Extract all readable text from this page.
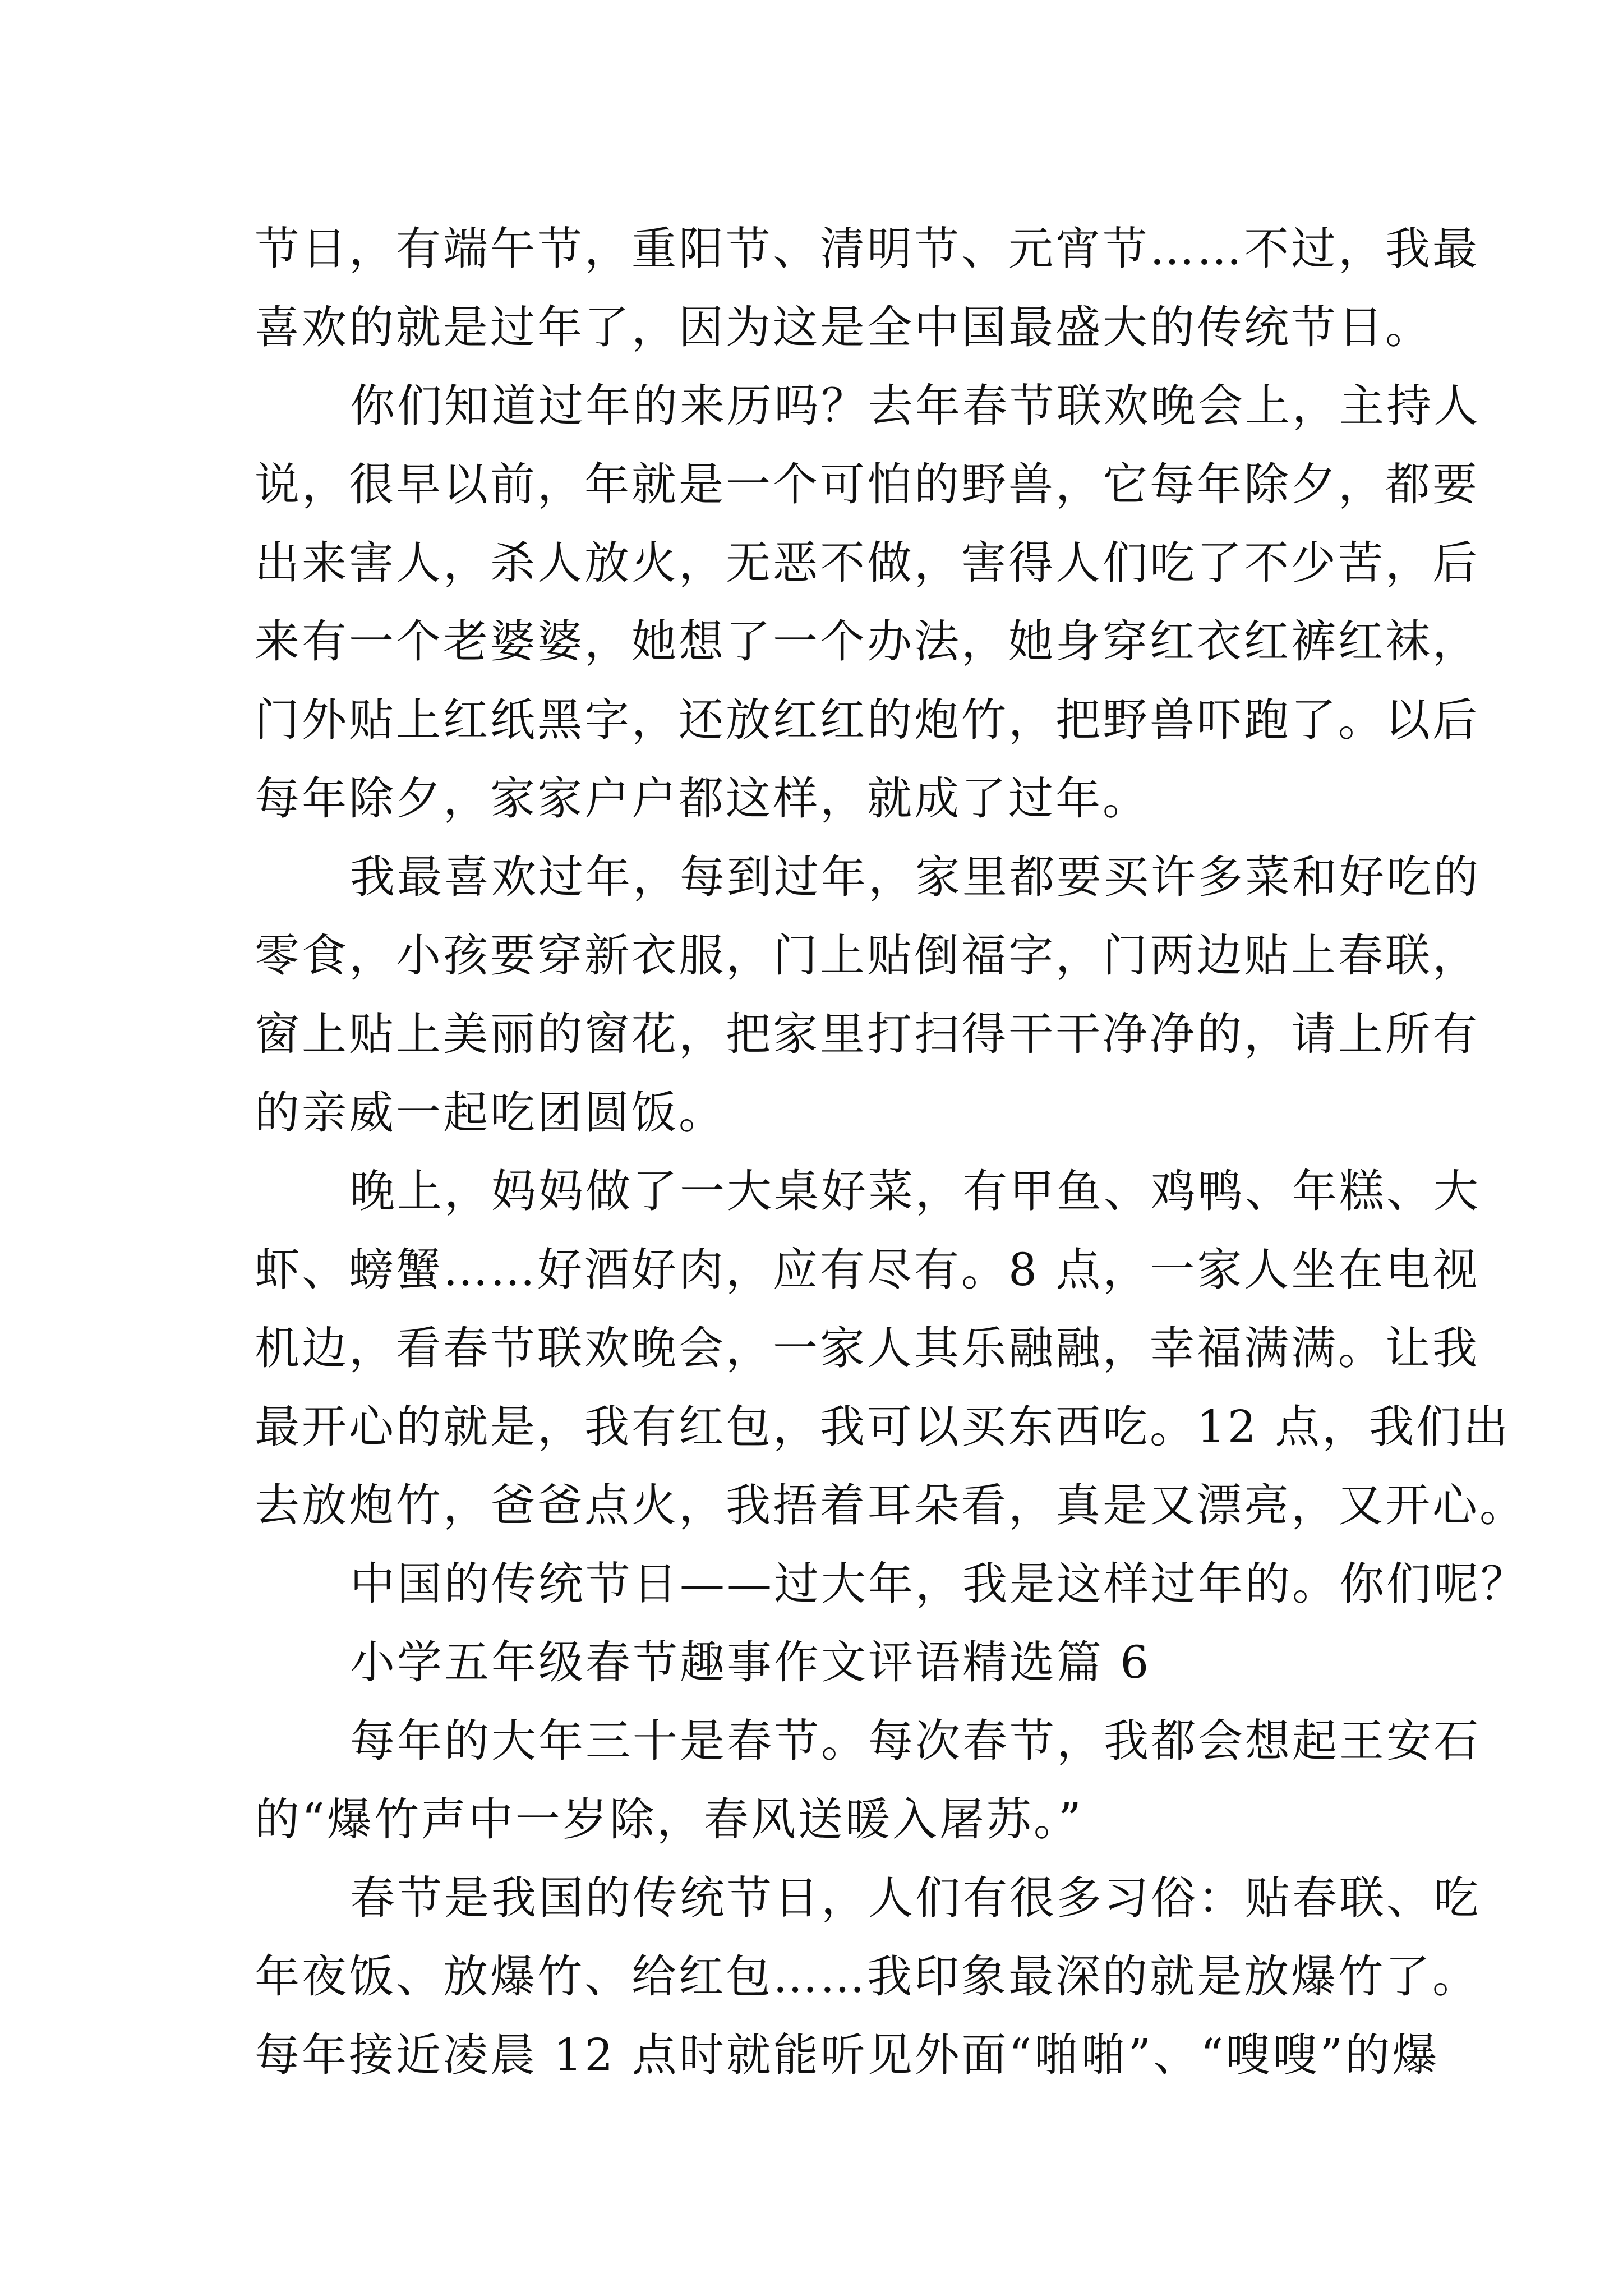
节日，有端午节，重阳节、清明节、元宵节……不过，我最
喜欢的就是过年了，因为这是全中国最盛大的传统节日。
你们知道过年的来历吗？去年春节联欢晚会上，主持人
说，很早以前，年就是一个可怕的野兽，它每年除夕，都要
出来害人，杀人放火，无恶不做，害得人们吃了不少苦，后
来有一个老婆婆，她想了一个办法，她身穿红衣红裤红袜，
门外贴上红纸黑字，还放红红的炮竹，把野兽吓跑了。以后
每年除夕，家家户户都这样，就成了过年。
我最喜欢过年，每到过年，家里都要买许多菜和好吃的
零食，小孩要穿新衣服，门上贴倒福字，门两边贴上春联，
窗上贴上美丽的窗花，把家里打扫得干干净净的，请上所有
的亲威一起吃团圆饭。
晚上，妈妈做了一大桌好菜，有甲鱼、鸡鸭、年糕、大
虾、螃蟹……好酒好肉，应有尽有。8 点，一家人坐在电视
机边，看春节联欢晚会，一家人其乐融融，幸福满满。让我
最开心的就是，我有红包，我可以买东西吃。12 点，我们出
去放炮竹，爸爸点火，我捂着耳朵看，真是又漂亮，又开心。
中国的传统节日——过大年，我是这样过年的。你们呢？
小学五年级春节趣事作文评语精选篇 6
每年的大年三十是春节。每次春节，我都会想起王安石
的“爆竹声中一岁除，春风送暖入屠苏。”
春节是我国的传统节日，人们有很多习俗：贴春联、吃
年夜饭、放爆竹、给红包……我印象最深的就是放爆竹了。
每年接近凌晨 12 点时就能听见外面“啪啪”、“嗖嗖”的爆
